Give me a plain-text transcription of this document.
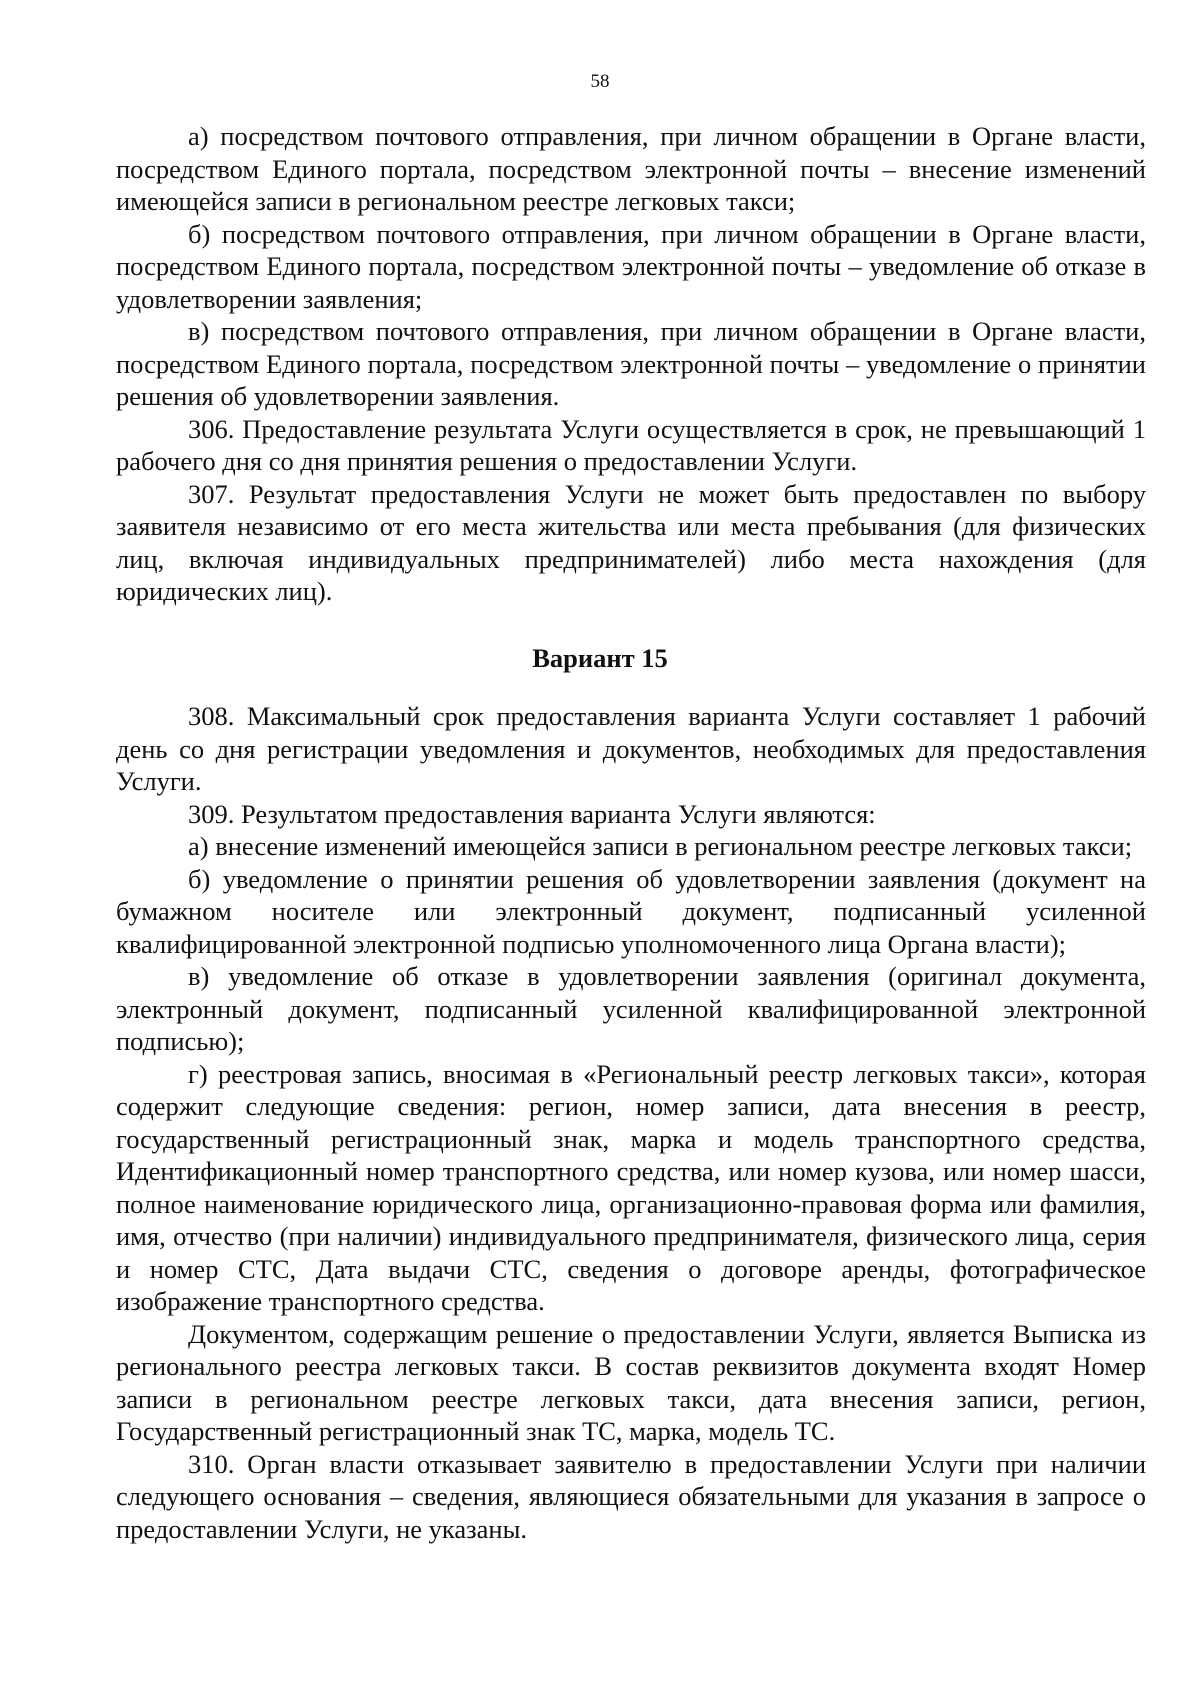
58

а) посредством почтового отправления, при личном обращении в Органе власти, посредством Единого портала, посредством электронной почты – внесение изменений имеющейся записи в региональном реестре легковых такси;

б) посредством почтового отправления, при личном обращении в Органе власти, посредством Единого портала, посредством электронной почты – уведомление об отказе в удовлетворении заявления;

в) посредством почтового отправления, при личном обращении в Органе власти, посредством Единого портала, посредством электронной почты – уведомление о принятии решения об удовлетворении заявления.

306. Предоставление результата Услуги осуществляется в срок, не превышающий 1 рабочего дня со дня принятия решения о предоставлении Услуги.

307. Результат предоставления Услуги не может быть предоставлен по выбору заявителя независимо от его места жительства или места пребывания (для физических лиц, включая индивидуальных предпринимателей) либо места нахождения (для юридических лиц).

Вариант 15

308. Максимальный срок предоставления варианта Услуги составляет 1 рабочий день со дня регистрации уведомления и документов, необходимых для предоставления Услуги.

309. Результатом предоставления варианта Услуги являются:

а) внесение изменений имеющейся записи в региональном реестре легковых такси;

б) уведомление о принятии решения об удовлетворении заявления (документ на бумажном носителе или электронный документ, подписанный усиленной квалифицированной электронной подписью уполномоченного лица Органа власти);

в) уведомление об отказе в удовлетворении заявления (оригинал документа, электронный документ, подписанный усиленной квалифицированной электронной подписью);

г) реестровая запись, вносимая в «Региональный реестр легковых такси», которая содержит следующие сведения: регион, номер записи, дата внесения в реестр, государственный регистрационный знак, марка и модель транспортного средства, Идентификационный номер транспортного средства, или номер кузова, или номер шасси, полное наименование юридического лица, организационно-правовая форма или фамилия, имя, отчество (при наличии) индивидуального предпринимателя, физического лица, серия и номер СТС, Дата выдачи СТС, сведения о договоре аренды, фотографическое изображение транспортного средства.

Документом, содержащим решение о предоставлении Услуги, является Выписка из регионального реестра легковых такси. В состав реквизитов документа входят Номер записи в региональном реестре легковых такси, дата внесения записи, регион, Государственный регистрационный знак ТС, марка, модель ТС.

310. Орган власти отказывает заявителю в предоставлении Услуги при наличии следующего основания – сведения, являющиеся обязательными для указания в запросе о предоставлении Услуги, не указаны.
